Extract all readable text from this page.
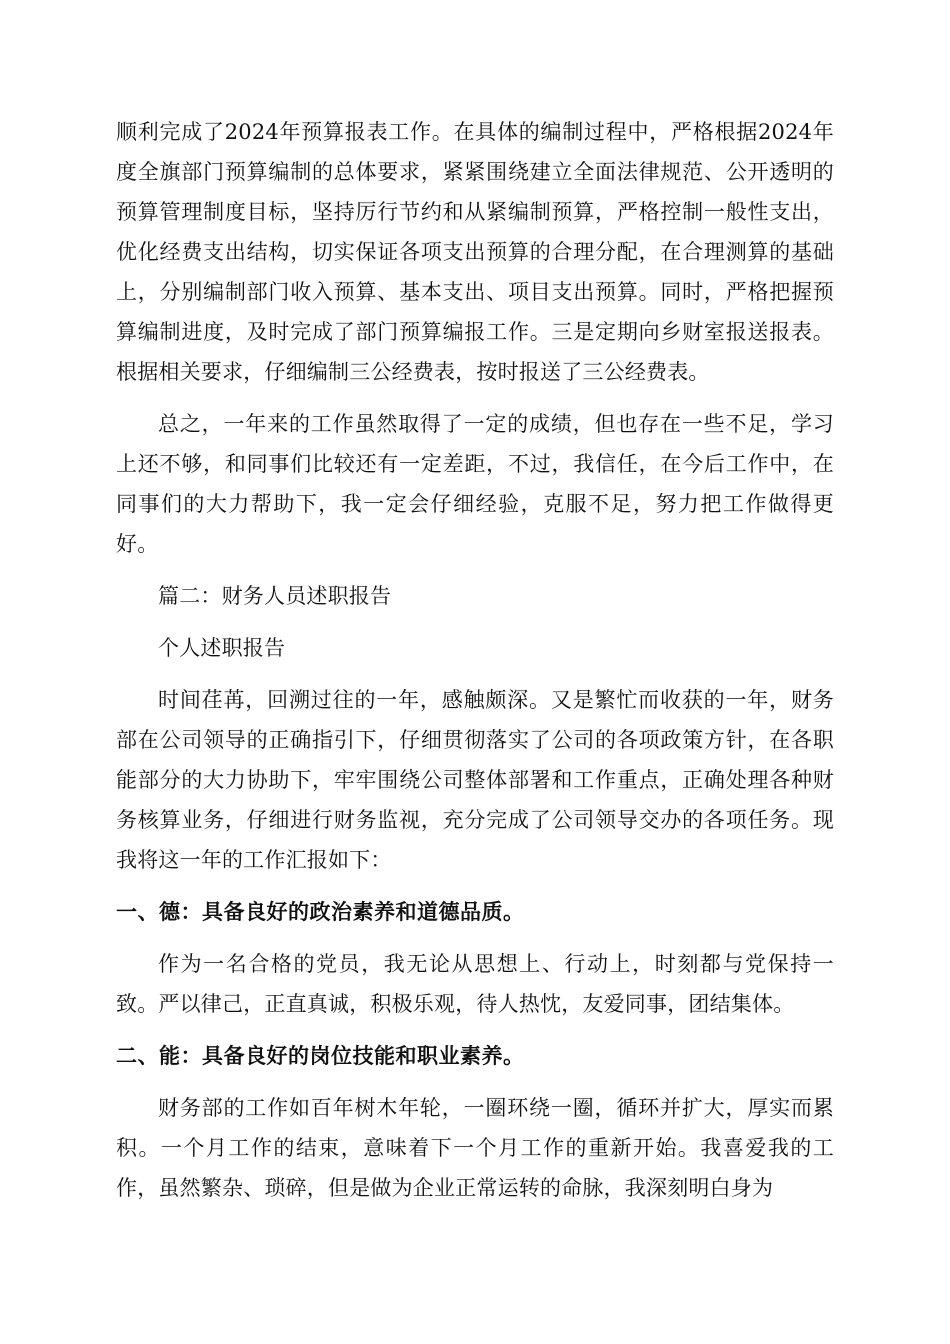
顺利完成了2024年预算报表工作。在具体的编制过程中，严格根据2024年度全旗部门预算编制的总体要求，紧紧围绕建立全面法律规范、公开透明的预算管理制度目标，坚持厉行节约和从紧编制预算，严格控制一般性支出，优化经费支出结构，切实保证各项支出预算的合理分配，在合理测算的基础上，分别编制部门收入预算、基本支出、项目支出预算。同时，严格把握预算编制进度，及时完成了部门预算编报工作。三是定期向乡财室报送报表。根据相关要求，仔细编制三公经费表，按时报送了三公经费表。

总之，一年来的工作虽然取得了一定的成绩，但也存在一些不足，学习上还不够，和同事们比较还有一定差距，不过，我信任，在今后工作中，在同事们的大力帮助下，我一定会仔细经验，克服不足，努力把工作做得更好。

篇二：财务人员述职报告

个人述职报告

时间荏苒，回溯过往的一年，感触颇深。又是繁忙而收获的一年，财务部在公司领导的正确指引下，仔细贯彻落实了公司的各项政策方针，在各职能部分的大力协助下，牢牢围绕公司整体部署和工作重点，正确处理各种财务核算业务，仔细进行财务监视，充分完成了公司领导交办的各项任务。现我将这一年的工作汇报如下：

一、德：具备良好的政治素养和道德品质。

作为一名合格的党员，我无论从思想上、行动上，时刻都与党保持一致。严以律己，正直真诚，积极乐观，待人热忱，友爱同事，团结集体。

二、能：具备良好的岗位技能和职业素养。

财务部的工作如百年树木年轮，一圈环绕一圈，循环并扩大，厚实而累积。一个月工作的结束，意味着下一个月工作的重新开始。我喜爱我的工作，虽然繁杂、琐碎，但是做为企业正常运转的命脉，我深刻明白身为
